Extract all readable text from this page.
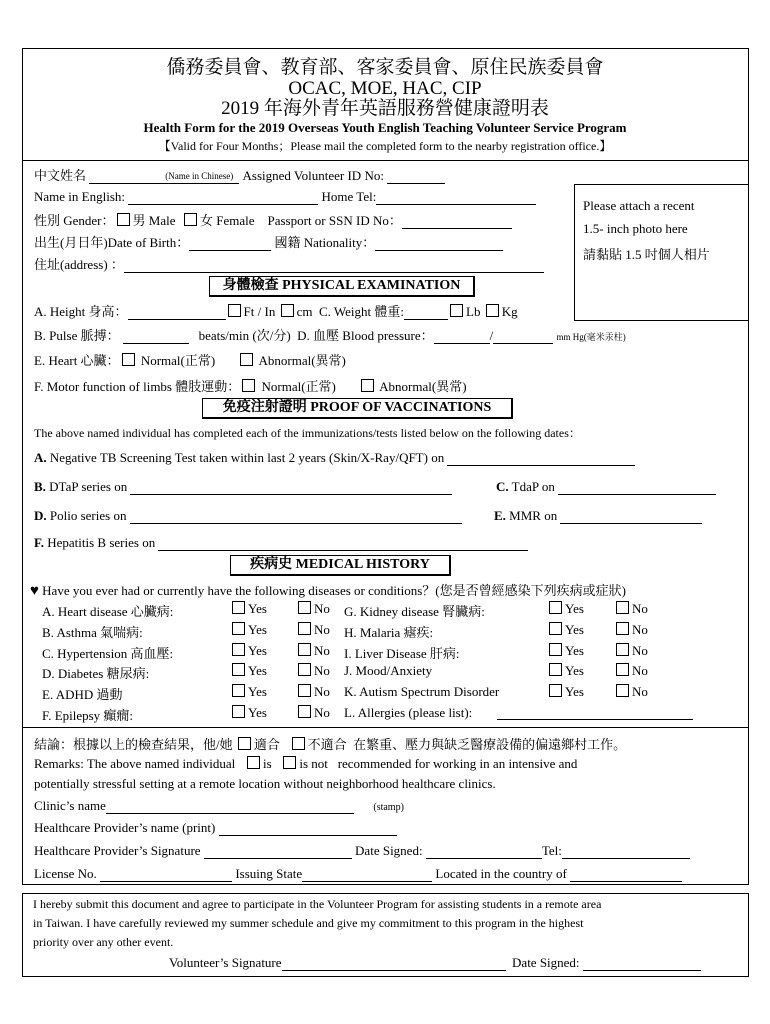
僑務委員會、教育部、客家委員會、原住民族委員會
OCAC, MOE, HAC, CIP
2019 年海外青年英語服務營健康證明表
Health Form for the 2019 Overseas Youth English Teaching Volunteer Service Program
【Valid for Four Months；Please mail the completed form to the nearby registration office.】
Please attach a recent
1.5- inch photo here
請黏貼 1.5 吋個人相片
中文姓名	(Name in Chinese) Assigned Volunteer ID No:
Name in English:	Home Tel:
性別 Gender： 男 Male 女 Female Passport or SSN ID No：
出生(月日年)Date of Birth：	國籍 Nationality：
住址(address) ：
身體檢查 PHYSICAL EXAMINATION
A. Height 身高：	Ft / In cm C. Weight 體重:	Lb Kg
B. Pulse 脈搏：	beats/min (次/分) D. 血壓 Blood pressure：	/	mm Hg(毫米汞柱)
E. Heart 心臟： Normal(正常)	Abnormal(異常)
F. Motor function of limbs 體肢運動： Normal(正常)	Abnormal(異常)
免疫注射證明 PROOF OF VACCINATIONS
The above named individual has completed each of the immunizations/tests listed below on the following dates：
A. Negative TB Screening Test taken within last 2 years (Skin/X-Ray/QFT) on
B. DTaP series on	C. TdaP on
D. Polio series on	E. MMR on
F. Hepatitis B series on
疾病史 MEDICAL HISTORY
♥ Have you ever had or currently have the following diseases or conditions？(您是否曾經感染下列疾病或症狀)
A. Heart disease 心臟病:	Yes	No G. Kidney disease 腎臟病:	Yes	No
B. Asthma 氣喘病:	Yes	No H. Malaria 瘧疾:	Yes	No
C. Hypertension 高血壓:	Yes	No I. Liver Disease 肝病:	Yes	No
D. Diabetes 糖尿病:	Yes	No J. Mood/Anxiety	Yes	No
E. ADHD 過動	Yes	No K. Autism Spectrum Disorder	Yes	No
F. Epilepsy 癲癇:	Yes	No L. Allergies (please list):
結論：根據以上的檢查結果，他/她 適合 不適合 在繁重、壓力與缺乏醫療設備的偏遠鄉村工作。
Remarks: The above named individual is is not recommended for working in an intensive and
potentially stressful setting at a remote location without neighborhood healthcare clinics.
Clinic’s name	(stamp)
Healthcare Provider’s name (print)
Healthcare Provider’s Signature	Date Signed:	Tel:
License No.	Issuing State	Located in the country of
I hereby submit this document and agree to participate in the Volunteer Program for assisting students in a remote area
in Taiwan. I have carefully reviewed my summer schedule and give my commitment to this program in the highest
priority over any other event.
Volunteer’s Signature	Date Signed:
